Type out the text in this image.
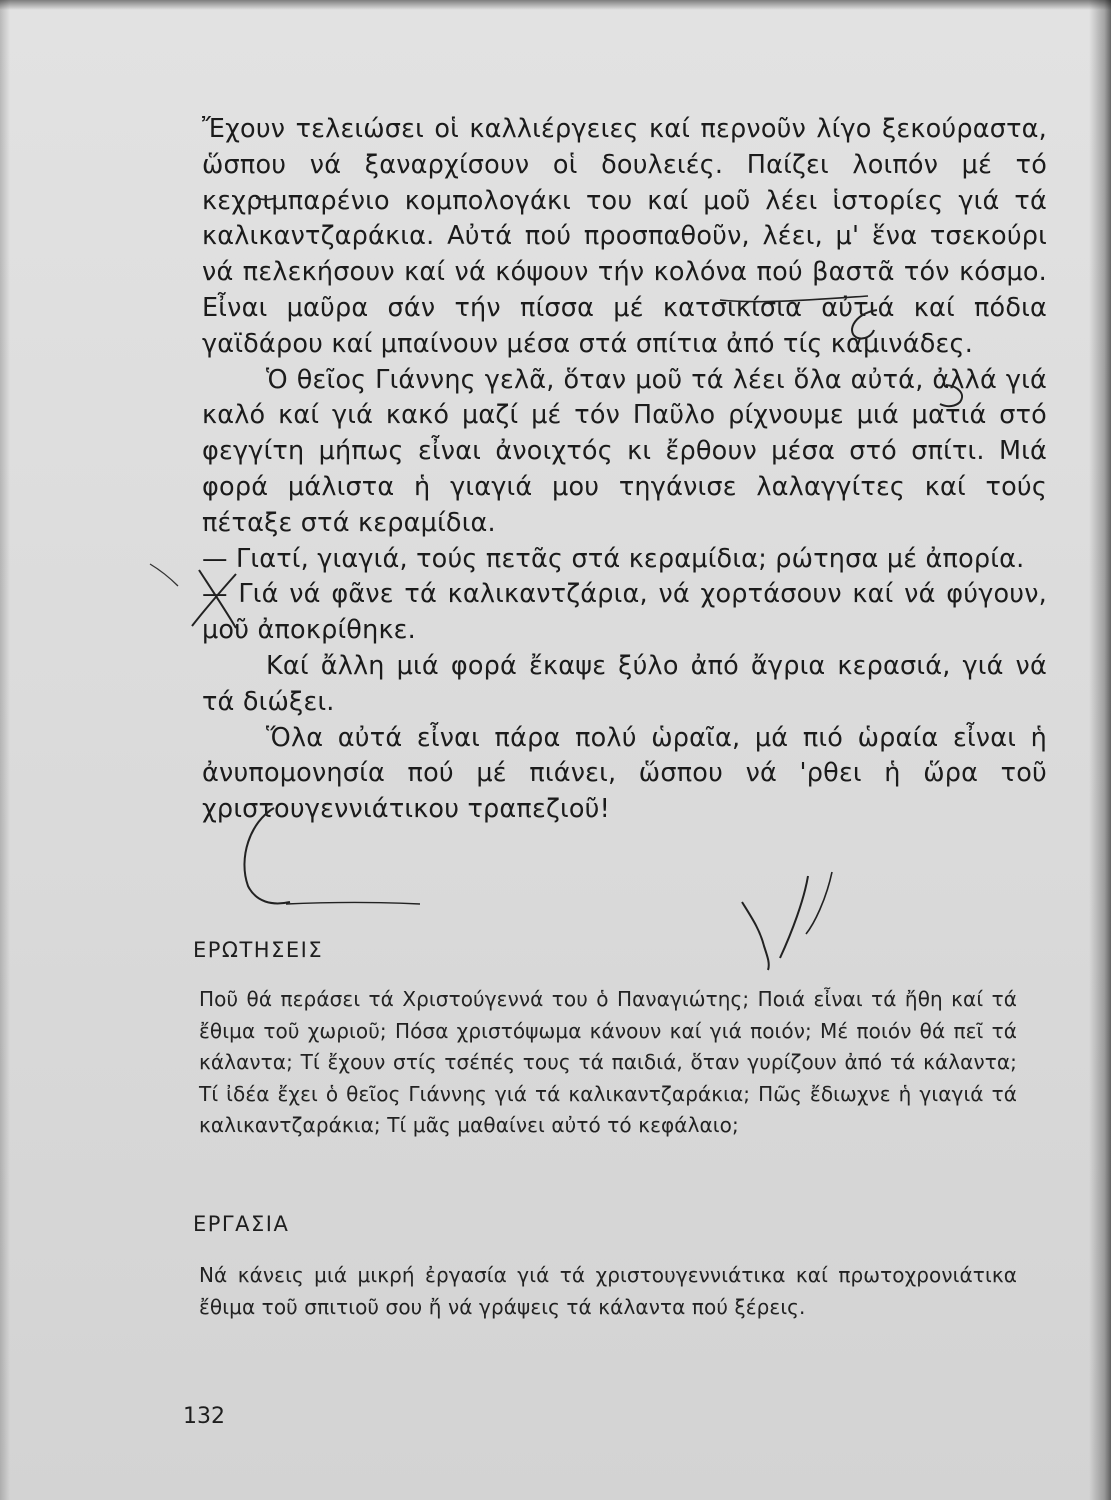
Ἔχουν τελειώσει οἱ καλλιέργειες καί περνοῦν λίγο ξεκούραστα, ὥσπου νά ξαναρχίσουν οἱ δουλειές. Παίζει λοιπόν μέ τό κεχριμπαρένιο κομπολογάκι του καί μοῦ λέει ἱστορίες γιά τά καλικαντζαράκια. Αὐτά πού προσπαθοῦν, λέει, μ' ἕνα τσεκούρι νά πελεκήσουν καί νά κόψουν τήν κολόνα πού βαστᾶ τόν κόσμο. Εἶναι μαῦρα σάν τήν πίσσα μέ κατσικίσια αὐτιά καί πόδια γαϊδάρου καί μπαίνουν μέσα στά σπίτια ἀπό τίς καμινάδες.

Ὁ θεῖος Γιάννης γελᾶ, ὅταν μοῦ τά λέει ὅλα αὐτά, ἀλλά γιά καλό καί γιά κακό μαζί μέ τόν Παῦλο ρίχνουμε μιά ματιά στό φεγγίτη μήπως εἶναι ἀνοιχτός κι ἔρθουν μέσα στό σπίτι. Μιά φορά μάλιστα ἡ γιαγιά μου τηγάνισε λαλαγγίτες καί τούς πέταξε στά κεραμίδια.

— Γιατί, γιαγιά, τούς πετᾶς στά κεραμίδια; ρώτησα μέ ἀπορία.

— Γιά νά φᾶνε τά καλικαντζάρια, νά χορτάσουν καί νά φύγουν, μοῦ ἀποκρίθηκε.

Καί ἄλλη μιά φορά ἔκαψε ξύλο ἀπό ἄγρια κερασιά, γιά νά τά διώξει.

Ὅλα αὐτά εἶναι πάρα πολύ ὡραῖα, μά πιό ὡραία εἶναι ἡ ἀνυπομονησία πού μέ πιάνει, ὥσπου νά 'ρθει ἡ ὥρα τοῦ χριστουγεννιάτικου τραπεζιοῦ!

ΕΡΩΤΗΣΕΙΣ
Ποῦ θά περάσει τά Χριστούγεννά του ὁ Παναγιώτης; Ποιά εἶναι τά ἤθη καί τά ἔθιμα τοῦ χωριοῦ; Πόσα χριστόψωμα κάνουν καί γιά ποιόν; Μέ ποιόν θά πεῖ τά κάλαντα; Τί ἔχουν στίς τσέπές τους τά παιδιά, ὅταν γυρίζουν ἀπό τά κάλαντα; Τί ἰδέα ἔχει ὁ θεῖος Γιάννης γιά τά καλικαντζαράκια; Πῶς ἔδιωχνε ἡ γιαγιά τά καλικαντζαράκια; Τί μᾶς μαθαίνει αὐτό τό κεφάλαιο;
ΕΡΓΑΣΙΑ
Νά κάνεις μιά μικρή ἐργασία γιά τά χριστουγεννιάτικα καί πρωτοχρονιάτικα ἔθιμα τοῦ σπιτιοῦ σου ἤ νά γράψεις τά κάλαντα πού ξέρεις.
132
